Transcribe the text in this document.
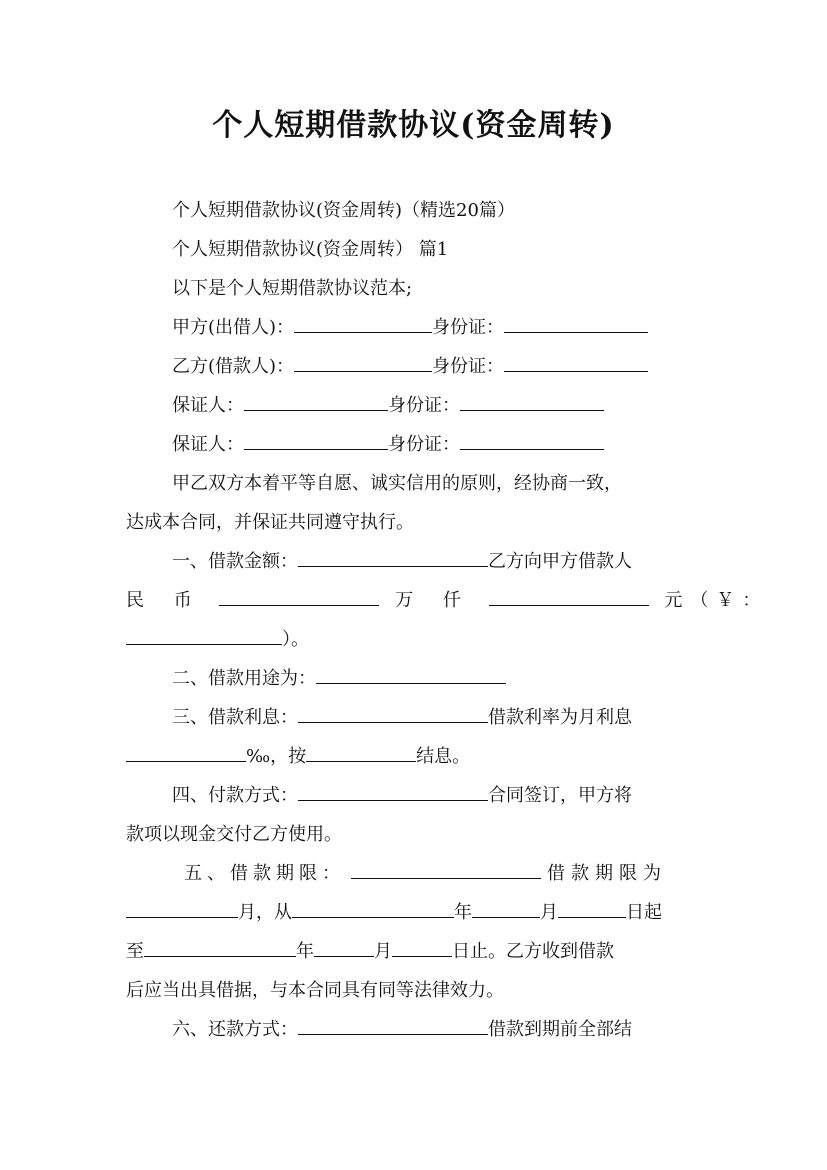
个人短期借款协议(资金周转)
个人短期借款协议(资金周转)（精选20篇）
个人短期借款协议(资金周转） 篇1
以下是个人短期借款协议范本;
甲方(出借人)：	身份证：
乙方(借款人)：	身份证：
保证人：	身份证：
保证人：	身份证：
甲乙双方本着平等自愿、诚实信用的原则，经协商一致，
达成本合同，并保证共同遵守执行。
一、借款金额：	乙方向甲方借款人
民 币	万 仟	元（￥：
）。
二、借款用途为：
三、借款利息：	借款利率为月利息
‰，按	结息。
四、付款方式：	合同签订，甲方将
款项以现金交付乙方使用。
五、借款期限：	借款期限为
月，从	年	月	日起
至	年	月	日止。乙方收到借款
后应当出具借据，与本合同具有同等法律效力。
六、还款方式：	借款到期前全部结
